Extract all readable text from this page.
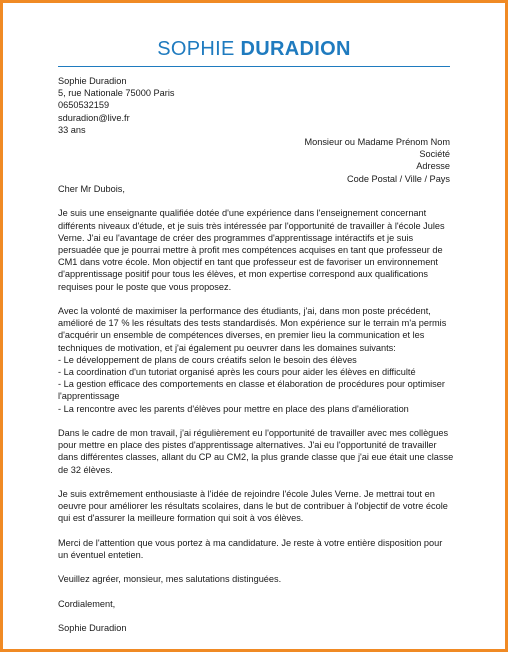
SOPHIE DURADION
Sophie Duradion
5, rue Nationale 75000 Paris
0650532159
sduradion@live.fr
33 ans
Monsieur ou Madame Prénom Nom
Société
Adresse
Code Postal / Ville / Pays

Cher Mr Dubois,

Je suis une enseignante qualifiée dotée d'une expérience dans l'enseignement concernant différents niveaux d'étude, et je suis très intéressée par l'opportunité de travailler à l'école Jules Verne. J'ai eu l'avantage de créer des programmes d'apprentissage intéractifs et je suis persuadée que je pourrai mettre à profit mes compétences acquises en tant que professeur de CM1 dans votre école. Mon objectif en tant que professeur est de favoriser un environnement d'apprentissage positif pour tous les élèves, et mon expertise correspond aux qualifications requises pour le poste que vous proposez.

Avec la volonté de maximiser la performance des étudiants, j'ai, dans mon poste précédent, amélioré de 17 % les résultats des tests standardisés. Mon expérience sur le terrain m'a permis d'acquérir un ensemble de compétences diverses, en premier lieu la communication et les techniques de motivation, et j'ai également pu oeuvrer dans les domaines suivants:

- Le développement de plans de cours créatifs selon le besoin des élèves
- La coordination d'un tutoriat organisé après les cours pour aider les élèves en difficulté
- La gestion efficace des comportements en classe et élaboration de procédures pour optimiser l'apprentissage
- La rencontre avec les parents d'élèves pour mettre en place des plans d'amélioration

Dans le cadre de mon travail, j'ai régulièrement eu l'opportunité de travailler avec mes collègues pour mettre en place des pistes d'apprentissage alternatives. J'ai eu l'opportunité de travailler dans différentes classes, allant du CP au CM2, la plus grande classe que j'ai eue était une classe de 32 élèves.

Je suis extrêmement enthousiaste à l'idée de rejoindre l'école Jules Verne. Je mettrai tout en oeuvre pour améliorer les résultats scolaires, dans le but de contribuer à l'objectif de votre école qui est d'assurer la meilleure formation qui soit à vos élèves.

Merci de l'attention que vous portez à ma candidature. Je reste à votre entière disposition pour un éventuel entetien.

Veuillez agréer, monsieur, mes salutations distinguées.

Cordialement,

Sophie Duradion
